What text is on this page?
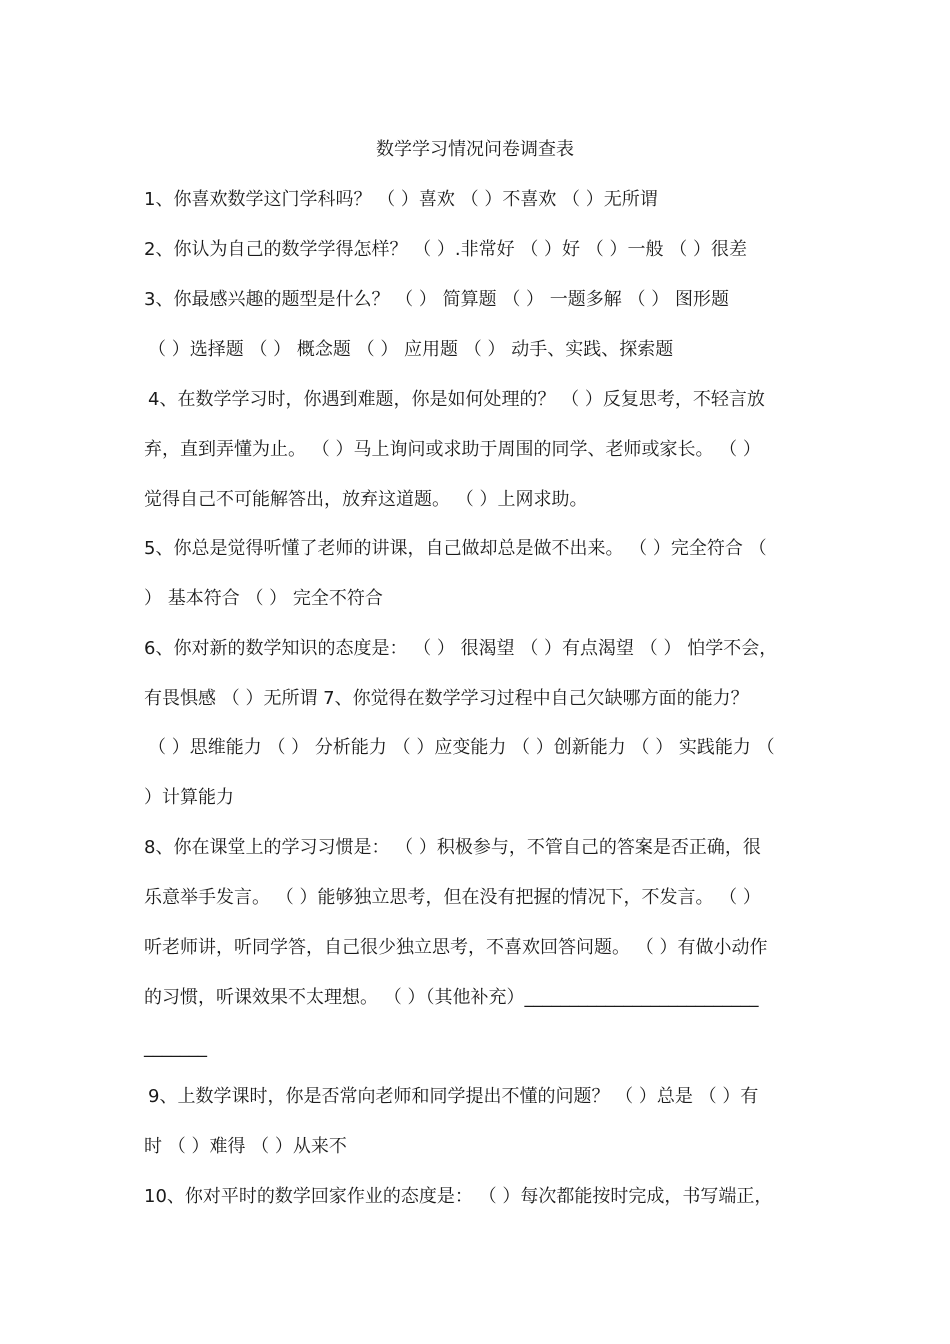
数学学习情况问卷调查表
1、你喜欢数学这门学科吗？ （ ）喜欢 （ ）不喜欢 （ ）无所谓
2、你认为自己的数学学得怎样？ （ ）.非常好 （ ）好 （ ）一般 （ ）很差
3、你最感兴趣的题型是什么？ （ ） 简算题 （ ） 一题多解 （ ） 图形题
（ ）选择题 （ ） 概念题 （ ） 应用题 （ ） 动手、实践、探索题
4、在数学学习时，你遇到难题，你是如何处理的？ （ ）反复思考，不轻言放
弃，直到弄懂为止。 （ ）马上询问或求助于周围的同学、老师或家长。 （ ）
觉得自己不可能解答出，放弃这道题。 （ ）上网求助。
5、你总是觉得听懂了老师的讲课，自己做却总是做不出来。 （ ）完全符合 （
） 基本符合 （ ） 完全不符合
6、你对新的数学知识的态度是： （ ） 很渴望 （ ）有点渴望 （ ） 怕学不会，
有畏惧感 （ ）无所谓 7、你觉得在数学学习过程中自己欠缺哪方面的能力？
（ ）思维能力 （ ） 分析能力 （ ）应变能力 （ ）创新能力 （ ） 实践能力 （
）计算能力
8、你在课堂上的学习习惯是： （ ）积极参与，不管自己的答案是否正确，很
乐意举手发言。 （ ）能够独立思考，但在没有把握的情况下，不发言。 （ ）
听老师讲，听同学答，自己很少独立思考，不喜欢回答问题。 （ ）有做小动作
的习惯，听课效果不太理想。 （ ）（其他补充）__________________________
_______
9、上数学课时，你是否常向老师和同学提出不懂的问题？ （ ）总是 （ ）有
时 （ ）难得 （ ）从来不
10、你对平时的数学回家作业的态度是： （ ）每次都能按时完成，书写端正，
